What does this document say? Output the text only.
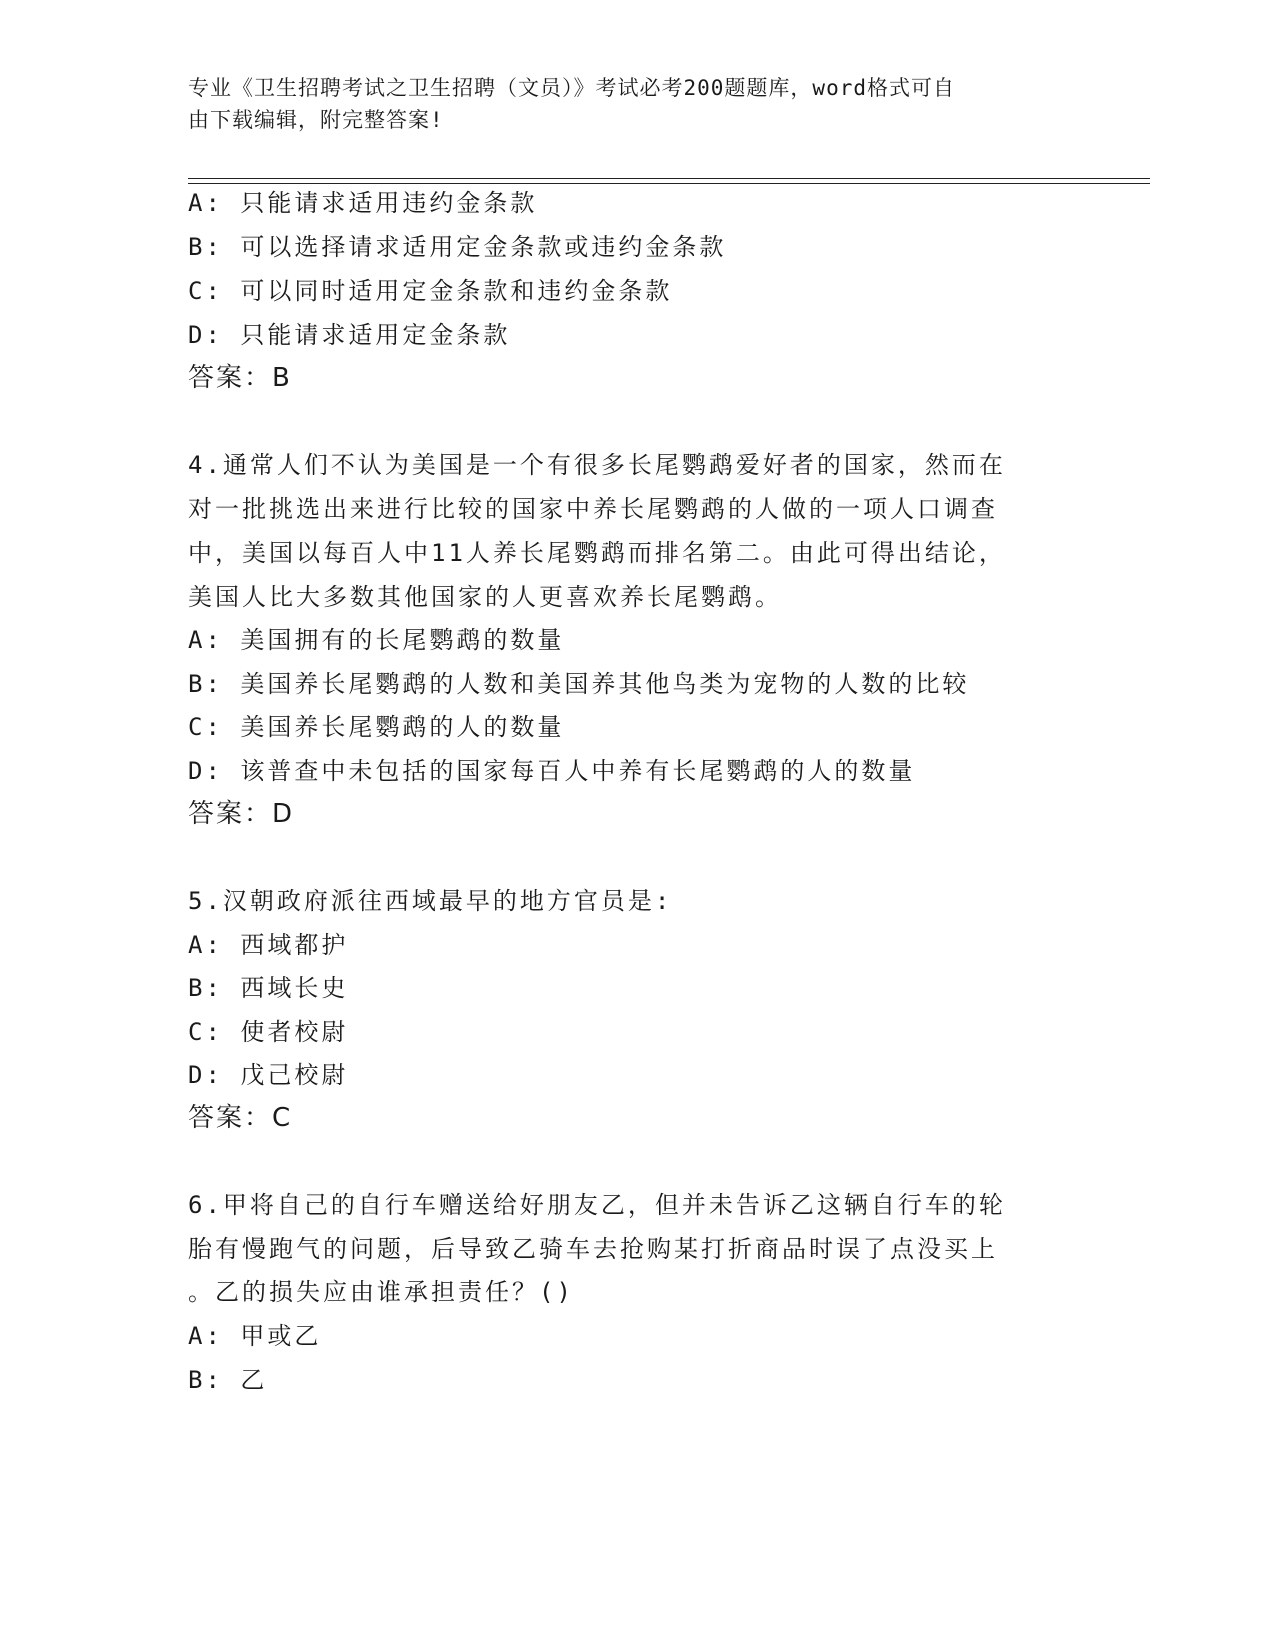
专业《卫生招聘考试之卫生招聘（文员）》考试必考200题题库，word格式可自
由下载编辑，附完整答案!
A: 只能请求适用违约金条款
B: 可以选择请求适用定金条款或违约金条款
C: 可以同时适用定金条款和违约金条款
D: 只能请求适用定金条款
答案：B
4.通常人们不认为美国是一个有很多长尾鹦鹉爱好者的国家，然而在
对一批挑选出来进行比较的国家中养长尾鹦鹉的人做的一项人口调查
中，美国以每百人中11人养长尾鹦鹉而排名第二。由此可得出结论，
美国人比大多数其他国家的人更喜欢养长尾鹦鹉。
A: 美国拥有的长尾鹦鹉的数量
B: 美国养长尾鹦鹉的人数和美国养其他鸟类为宠物的人数的比较
C: 美国养长尾鹦鹉的人的数量
D: 该普查中未包括的国家每百人中养有长尾鹦鹉的人的数量
答案：D
5.汉朝政府派往西域最早的地方官员是:
A: 西域都护
B: 西域长史
C: 使者校尉
D: 戊己校尉
答案：C
6.甲将自己的自行车赠送给好朋友乙，但并未告诉乙这辆自行车的轮
胎有慢跑气的问题，后导致乙骑车去抢购某打折商品时误了点没买上
。乙的损失应由谁承担责任？()
A: 甲或乙
B: 乙
